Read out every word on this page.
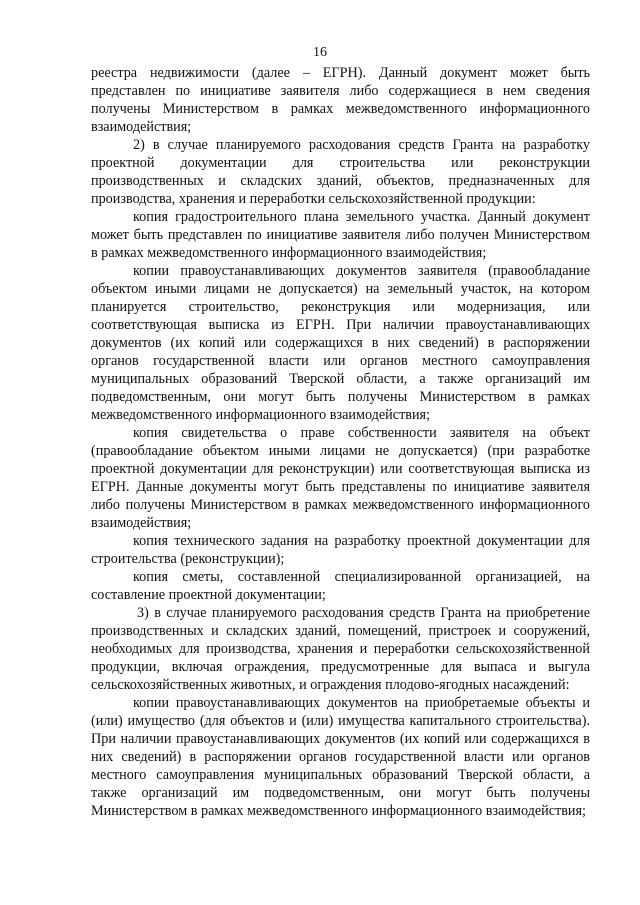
16

реестра недвижимости (далее – ЕГРН). Данный документ может быть представлен по инициативе заявителя либо содержащиеся в нем сведения получены Министерством в рамках межведомственного информационного взаимодействия;

2) в случае планируемого расходования средств Гранта на разработку проектной документации для строительства или реконструкции производственных и складских зданий, объектов, предназначенных для производства, хранения и переработки сельскохозяйственной продукции:

копия градостроительного плана земельного участка. Данный документ может быть представлен по инициативе заявителя либо получен Министерством в рамках межведомственного информационного взаимодействия;

копии правоустанавливающих документов заявителя (правообладание объектом иными лицами не допускается) на земельный участок, на котором планируется строительство, реконструкция или модернизация, или соответствующая выписка из ЕГРН. При наличии правоустанавливающих документов (их копий или содержащихся в них сведений) в распоряжении органов государственной власти или органов местного самоуправления муниципальных образований Тверской области, а также организаций им подведомственным, они могут быть получены Министерством в рамках межведомственного информационного взаимодействия;

копия свидетельства о праве собственности заявителя на объект (правообладание объектом иными лицами не допускается) (при разработке проектной документации для реконструкции) или соответствующая выписка из ЕГРН. Данные документы могут быть представлены по инициативе заявителя либо получены Министерством в рамках межведомственного информационного взаимодействия;

копия технического задания на разработку проектной документации для строительства (реконструкции);

копия сметы, составленной специализированной организацией, на составление проектной документации;

3) в случае планируемого расходования средств Гранта на приобретение производственных и складских зданий, помещений, пристроек и сооружений, необходимых для производства, хранения и переработки сельскохозяйственной продукции, включая ограждения, предусмотренные для выпаса и выгула сельскохозяйственных животных, и ограждения плодово-ягодных насаждений:

копии правоустанавливающих документов на приобретаемые объекты и (или) имущество (для объектов и (или) имущества капитального строительства). При наличии правоустанавливающих документов (их копий или содержащихся в них сведений) в распоряжении органов государственной власти или органов местного самоуправления муниципальных образований Тверской области, а также организаций им подведомственным, они могут быть получены Министерством в рамках межведомственного информационного взаимодействия;
